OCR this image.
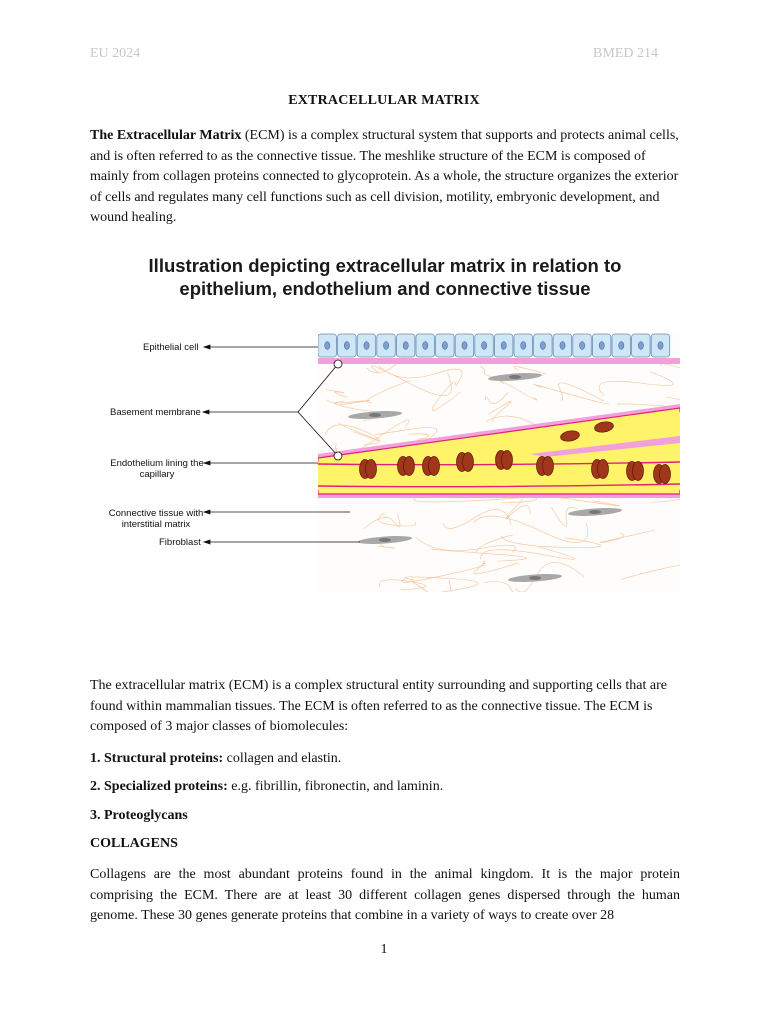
EU 2024	BMED 214
EXTRACELLULAR MATRIX
The Extracellular Matrix (ECM) is a complex structural system that supports and protects animal cells, and is often referred to as the connective tissue. The meshlike structure of the ECM is composed of mainly from collagen proteins connected to glycoprotein. As a whole, the structure organizes the exterior of cells and regulates many cell functions such as cell division, motility, embryonic development, and wound healing.
Illustration depicting extracellular matrix in relation to
epithelium, endothelium and connective tissue
Epithelial cell
Basement membrane
Endothelium lining the capillary
Connective tissue with interstitial matrix
Fibroblast
The extracellular matrix (ECM) is a complex structural entity surrounding and supporting cells that are found within mammalian tissues. The ECM is often referred to as the connective tissue. The ECM is composed of 3 major classes of biomolecules:
1. Structural proteins: collagen and elastin.
2. Specialized proteins: e.g. fibrillin, fibronectin, and laminin.
3. Proteoglycans
COLLAGENS
Collagens are the most abundant proteins found in the animal kingdom. It is the major protein comprising the ECM. There are at least 30 different collagen genes dispersed through the human genome. These 30 genes generate proteins that combine in a variety of ways to create over 28
1
